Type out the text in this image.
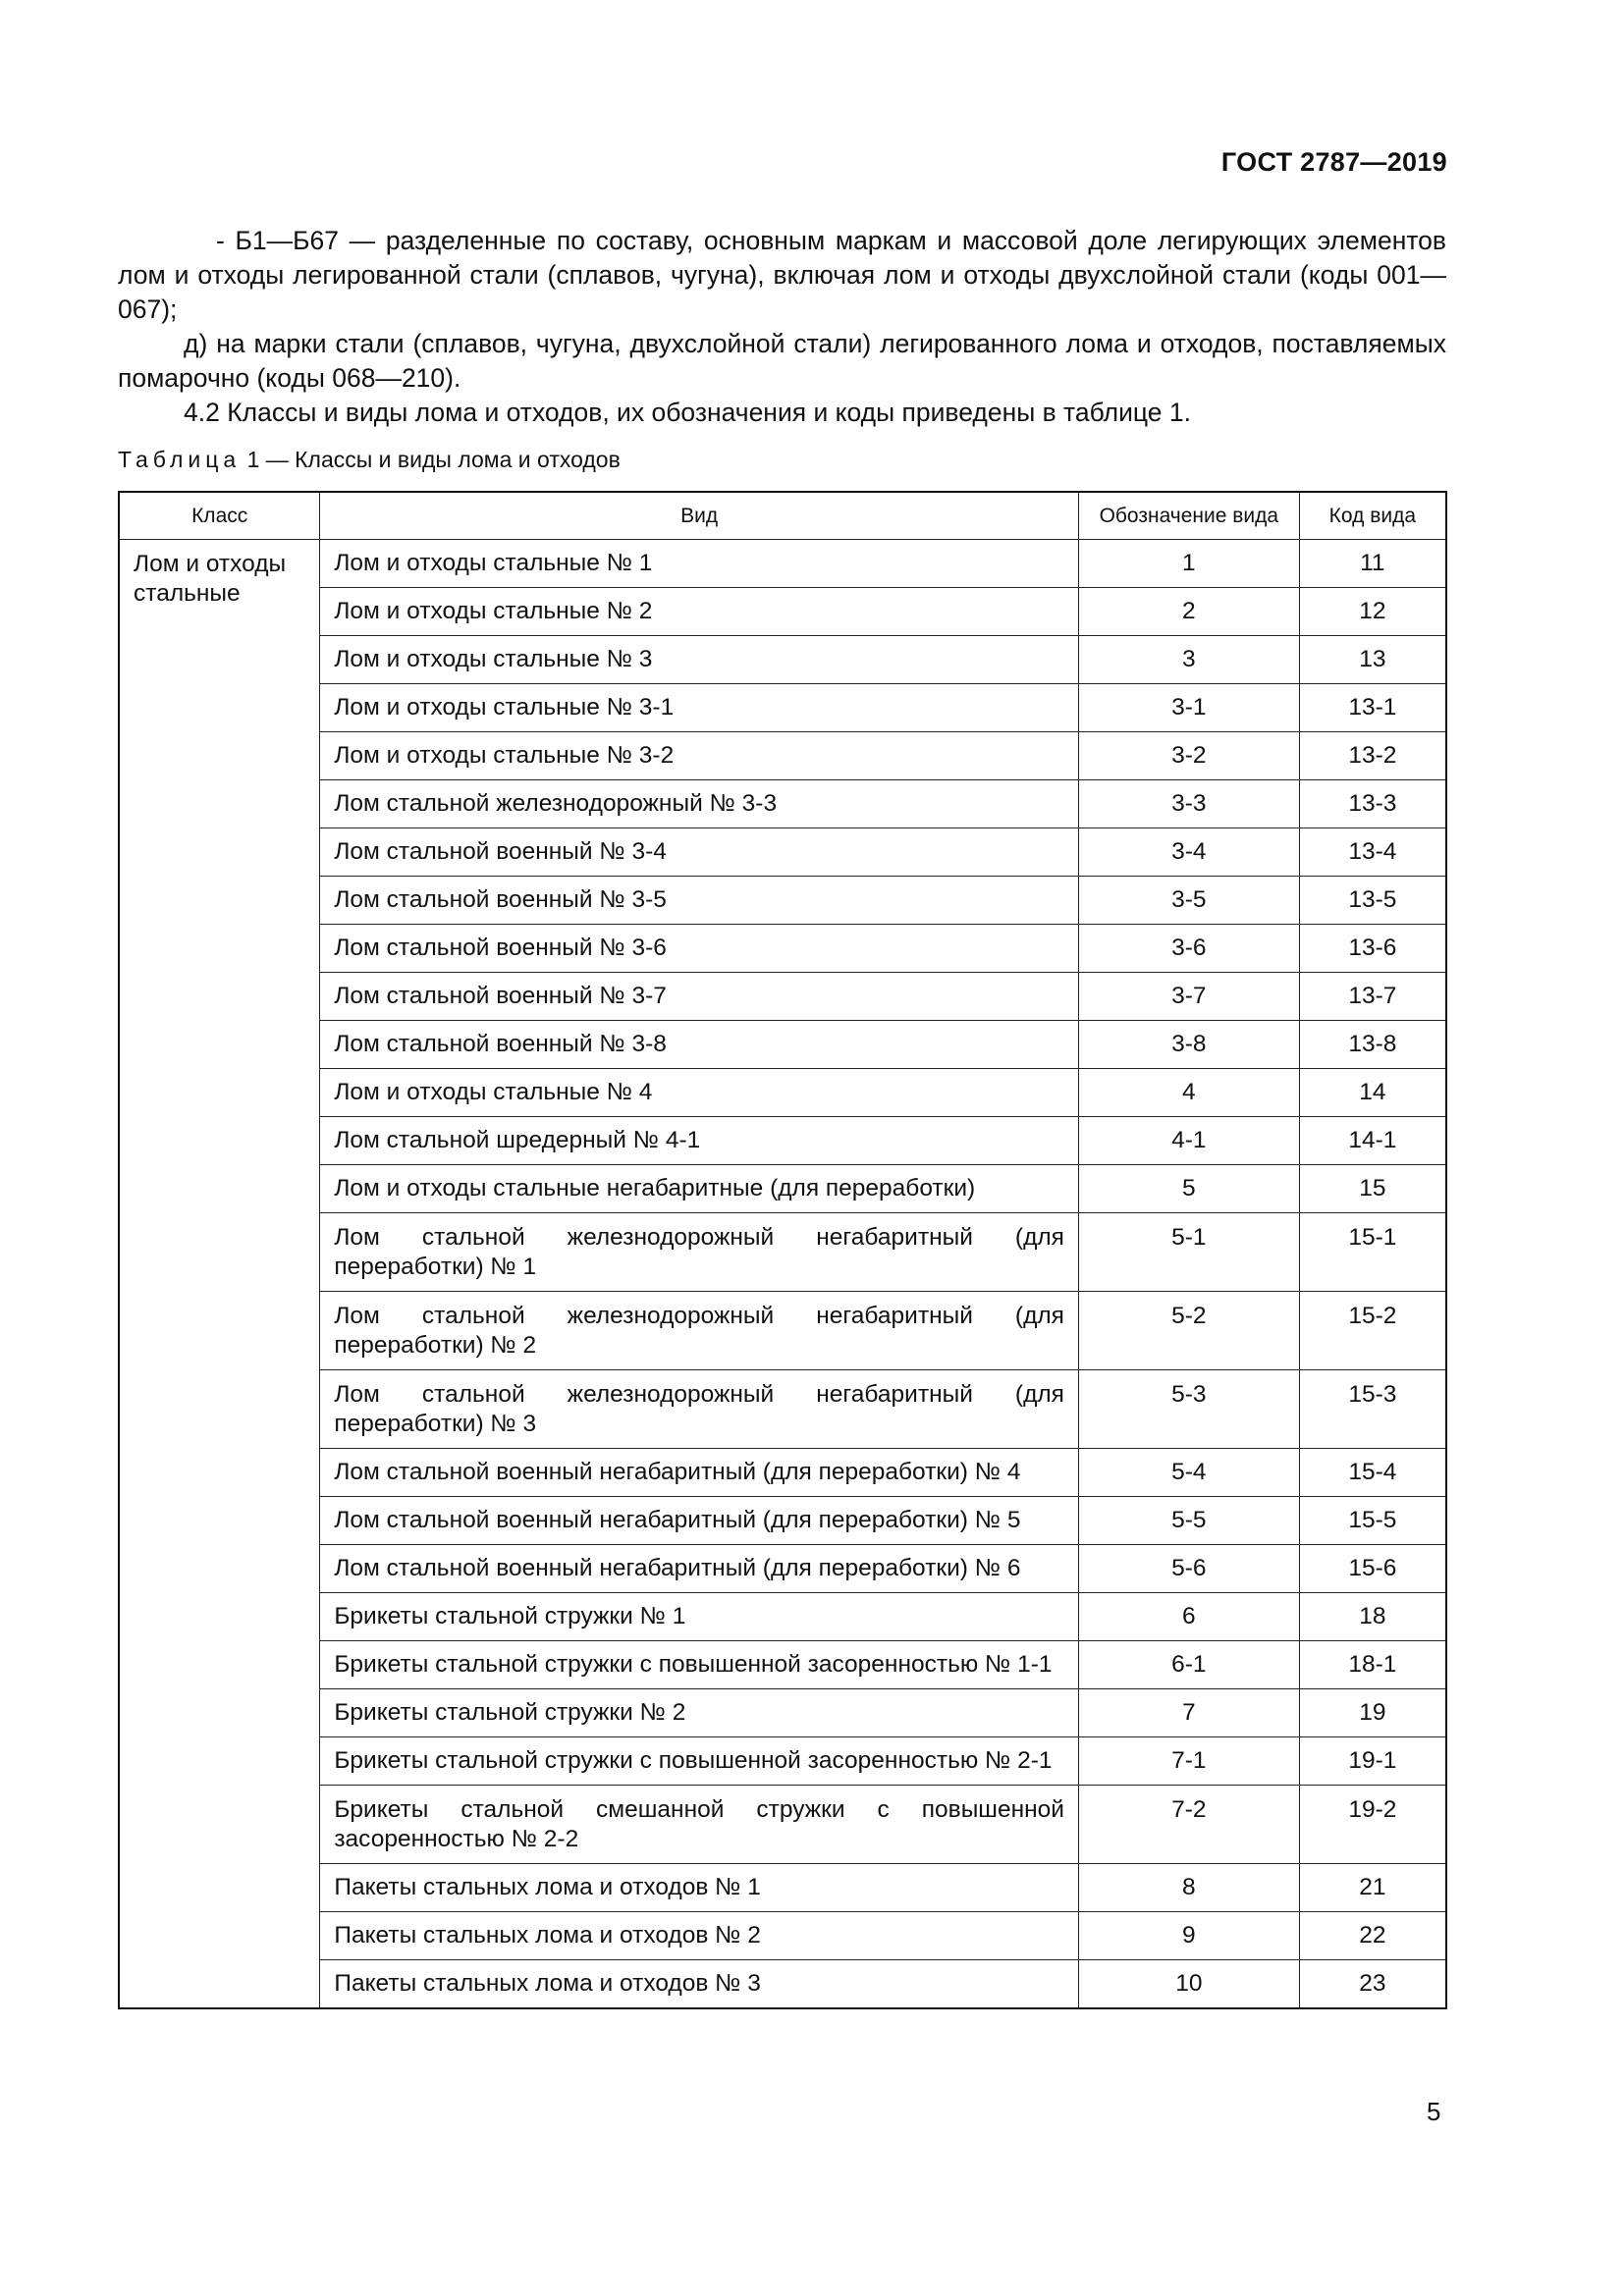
ГОСТ 2787—2019

- Б1—Б67 — разделенные по составу, основным маркам и массовой доле легирующих элементов лом и отходы легированной стали (сплавов, чугуна), включая лом и отходы двухслойной стали (коды 001—067);

д) на марки стали (сплавов, чугуна, двухслойной стали) легированного лома и отходов, поставляемых помарочно (коды 068—210).

4.2 Классы и виды лома и отходов, их обозначения и коды приведены в таблице 1.

Таблица 1 — Классы и виды лома и отходов
Класс	Вид	Обозначение вида	Код вида
Лом и отходы стальные	Лом и отходы стальные № 1	1	11
	Лом и отходы стальные № 2	2	12
	Лом и отходы стальные № 3	3	13
	Лом и отходы стальные № 3-1	3-1	13-1
	Лом и отходы стальные № 3-2	3-2	13-2
	Лом стальной железнодорожный № 3-3	3-3	13-3
	Лом стальной военный № 3-4	3-4	13-4
	Лом стальной военный № 3-5	3-5	13-5
	Лом стальной военный № 3-6	3-6	13-6
	Лом стальной военный № 3-7	3-7	13-7
	Лом стальной военный № 3-8	3-8	13-8
	Лом и отходы стальные № 4	4	14
	Лом стальной шредерный № 4-1	4-1	14-1
	Лом и отходы стальные негабаритные (для переработки)	5	15
	Лом стальной железнодорожный негабаритный (для переработки) № 1	5-1	15-1
	Лом стальной железнодорожный негабаритный (для переработки) № 2	5-2	15-2
	Лом стальной железнодорожный негабаритный (для переработки) № 3	5-3	15-3
	Лом стальной военный негабаритный (для переработки) № 4	5-4	15-4
	Лом стальной военный негабаритный (для переработки) № 5	5-5	15-5
	Лом стальной военный негабаритный (для переработки) № 6	5-6	15-6
	Брикеты стальной стружки № 1	6	18
	Брикеты стальной стружки с повышенной засоренностью № 1-1	6-1	18-1
	Брикеты стальной стружки № 2	7	19
	Брикеты стальной стружки с повышенной засоренностью № 2-1	7-1	19-1
	Брикеты стальной смешанной стружки с повышенной засоренностью № 2-2	7-2	19-2
	Пакеты стальных лома и отходов № 1	8	21
	Пакеты стальных лома и отходов № 2	9	22
	Пакеты стальных лома и отходов № 3	10	23
5
